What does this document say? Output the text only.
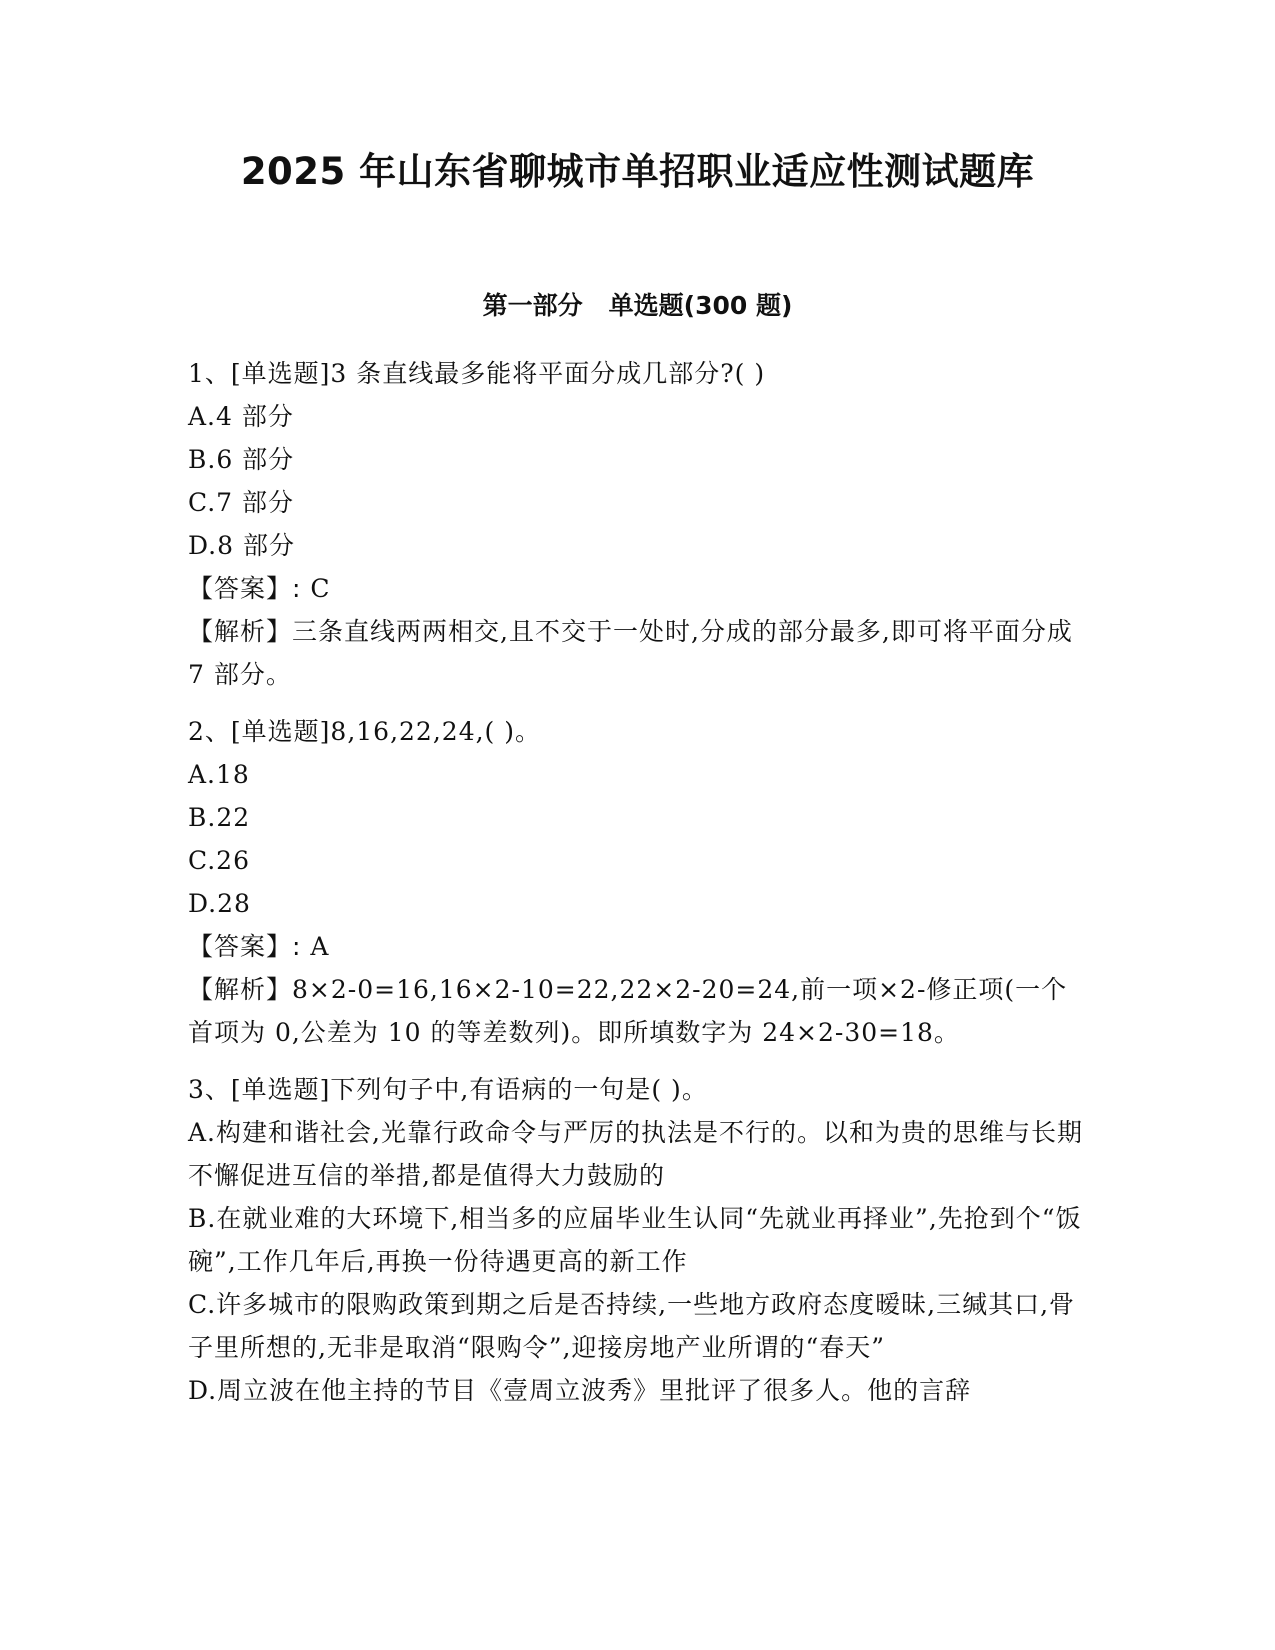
2025 年山东省聊城市单招职业适应性测试题库
第一部分   单选题(300 题)

1、[单选题]3 条直线最多能将平面分成几部分?( )

A.4 部分

B.6 部分

C.7 部分

D.8 部分

【答案】: C

【解析】三条直线两两相交,且不交于一处时,分成的部分最多,即可将平面分成 7 部分。

2、[单选题]8,16,22,24,( )。

A.18

B.22

C.26

D.28

【答案】: A

【解析】8×2-0=16,16×2-10=22,22×2-20=24,前一项×2-修正项(一个首项为 0,公差为 10 的等差数列)。即所填数字为 24×2-30=18。

3、[单选题]下列句子中,有语病的一句是( )。

A.构建和谐社会,光靠行政命令与严厉的执法是不行的。以和为贵的思维与长期不懈促进互信的举措,都是值得大力鼓励的

B.在就业难的大环境下,相当多的应届毕业生认同“先就业再择业”,先抢到个“饭碗”,工作几年后,再换一份待遇更高的新工作

C.许多城市的限购政策到期之后是否持续,一些地方政府态度暧昧,三缄其口,骨子里所想的,无非是取消“限购令”,迎接房地产业所谓的“春天”

D.周立波在他主持的节目《壹周立波秀》里批评了很多人。他的言辞
